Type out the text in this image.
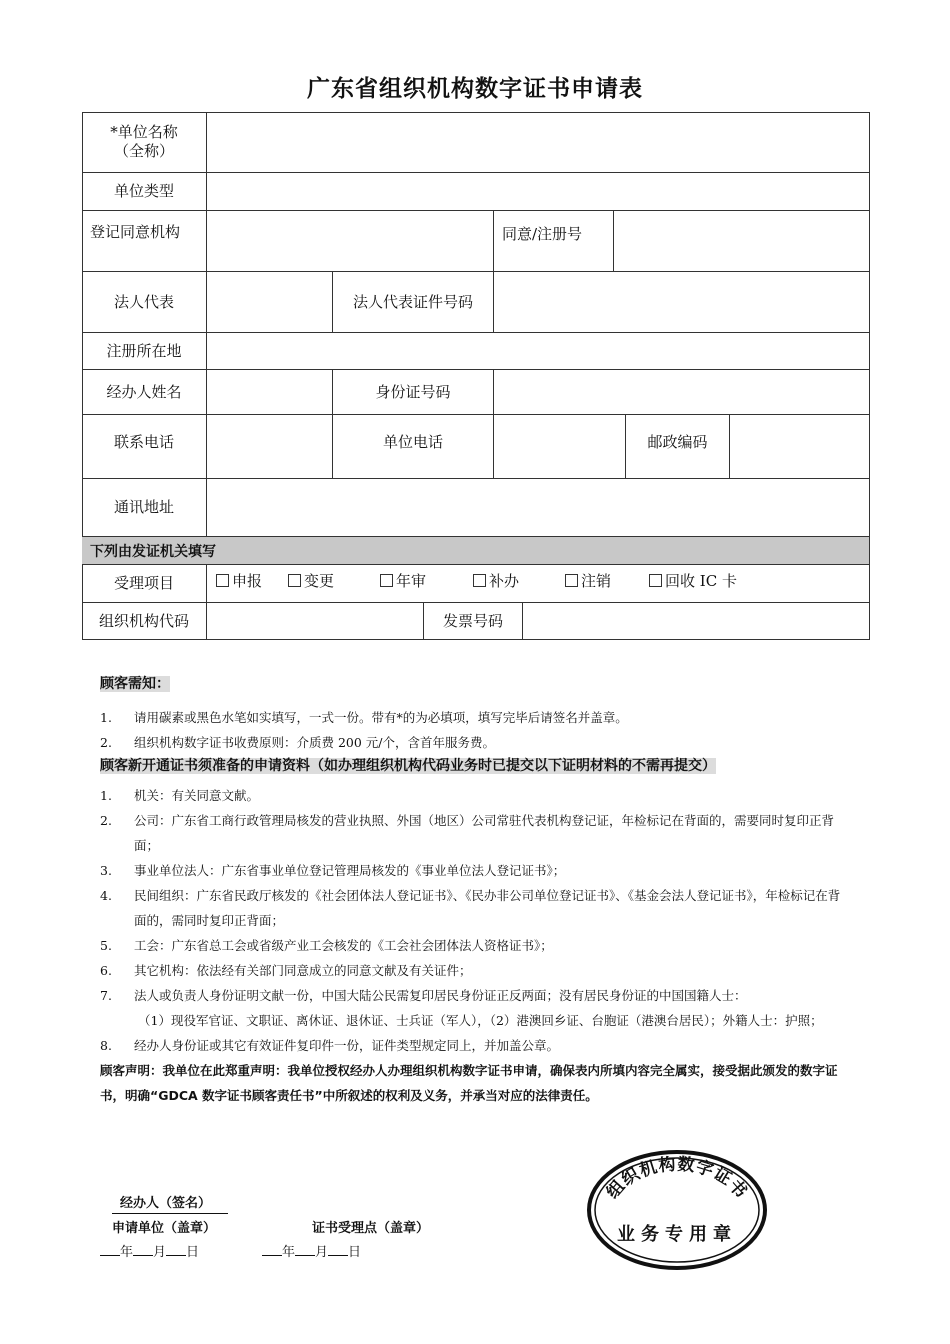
广东省组织机构数字证书申请表
*单位名称
（全称）
单位类型
登记同意机构	同意/注册号
法人代表	法人代表证件号码
注册所在地
经办人姓名	身份证号码
联系电话	单位电话	邮政编码
通讯地址
下列由发证机关填写
受理项目	申报	变更	年审	补办	注销	回收 IC 卡
组织机构代码	发票号码
顾客需知：
1. 请用碳素或黑色水笔如实填写，一式一份。带有*的为必填项，填写完毕后请签名并盖章。
2. 组织机构数字证书收费原则：介质费 200 元/个，含首年服务费。
顾客新开通证书须准备的申请资料（如办理组织机构代码业务时已提交以下证明材料的不需再提交）
1. 机关：有关同意文献。
2. 公司：广东省工商行政管理局核发的营业执照、外国（地区）公司常驻代表机构登记证，年检标记在背面的，需要同时复印正背面；
3. 事业单位法人：广东省事业单位登记管理局核发的《事业单位法人登记证书》；
4. 民间组织：广东省民政厅核发的《社会团体法人登记证书》、《民办非公司单位登记证书》、《基金会法人登记证书》，年检标记在背面的，需同时复印正背面；
5. 工会：广东省总工会或省级产业工会核发的《工会社会团体法人资格证书》；
6. 其它机构：依法经有关部门同意成立的同意文献及有关证件；
7. 法人或负责人身份证明文献一份，中国大陆公民需复印居民身份证正反两面；没有居民身份证的中国国籍人士：
（1）现役军官证、文职证、离休证、退休证、士兵证（军人），（2）港澳回乡证、台胞证（港澳台居民）；外籍人士：护照；
8. 经办人身份证或其它有效证件复印件一份，证件类型规定同上，并加盖公章。
顾客声明：我单位在此郑重声明：我单位授权经办人办理组织机构数字证书申请，确保表内所填内容完全属实，接受据此颁发的数字证书，明确“GDCA 数字证书顾客责任书”中所叙述的权利及义务，并承当对应的法律责任。
经办人（签名）
申请单位（盖章）	证书受理点（盖章）
年 月 日	年 月 日
组织机构数字证书
业务专用章
